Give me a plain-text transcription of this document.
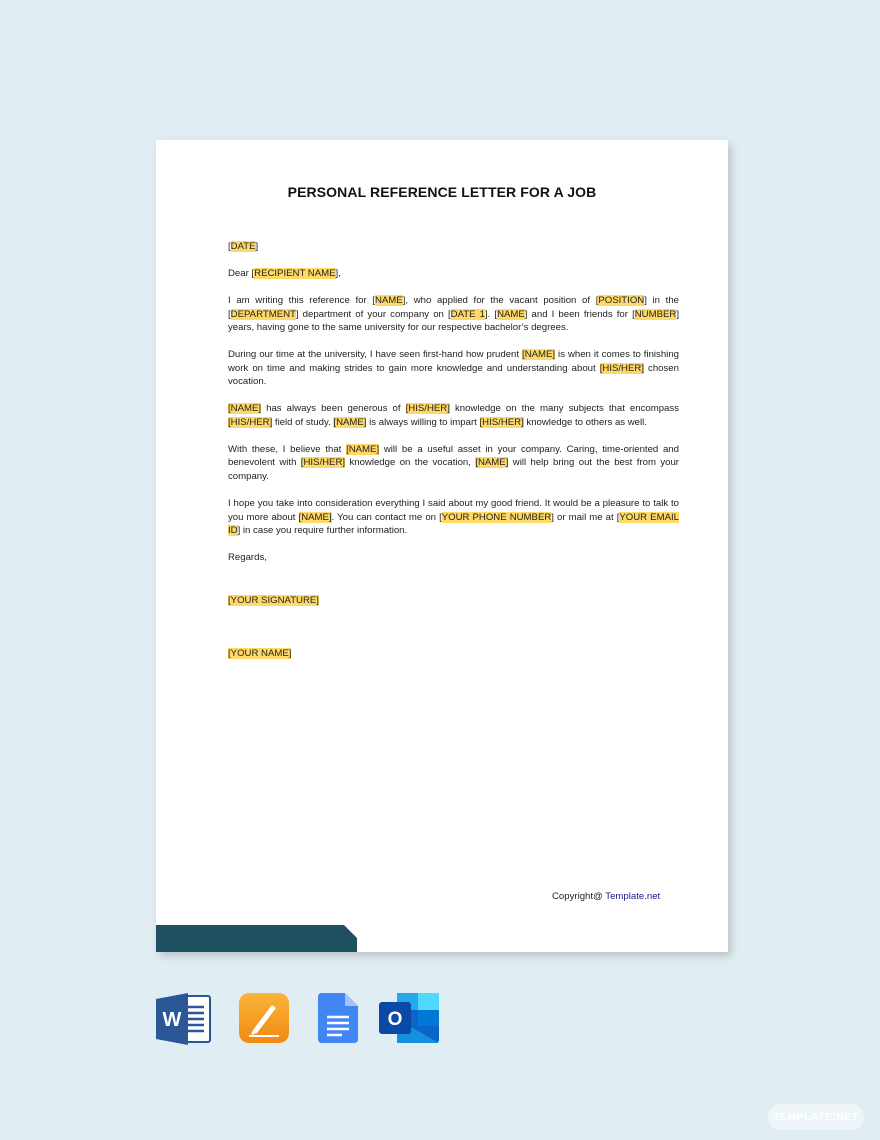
PERSONAL REFERENCE LETTER FOR A JOB

[DATE]

Dear [RECIPIENT NAME],

I am writing this reference for [NAME], who applied for the vacant position of [POSITION] in the [DEPARTMENT] department of your company on [DATE 1]. [NAME] and I been friends for [NUMBER] years, having gone to the same university for our respective bachelor’s degrees.

During our time at the university, I have seen first-hand how prudent [NAME] is when it comes to finishing work on time and making strides to gain more knowledge and understanding about [HIS/HER] chosen vocation.

[NAME] has always been generous of [HIS/HER] knowledge on the many subjects that encompass [HIS/HER] field of study. [NAME] is always willing to impart [HIS/HER] knowledge to others as well.

With these, I believe that [NAME] will be a useful asset in your company. Caring, time-oriented and benevolent with [HIS/HER] knowledge on the vocation, [NAME] will help bring out the best from your company.

I hope you take into consideration everything I said about my good friend. It would be a pleasure to talk to you more about [NAME]. You can contact me on [YOUR PHONE NUMBER] or mail me at [YOUR EMAIL ID] in case you require further information.

Regards,

[YOUR SIGNATURE]
[YOUR NAME]
Copyright@ Template.net
W	O
TEMPLATE.NET
